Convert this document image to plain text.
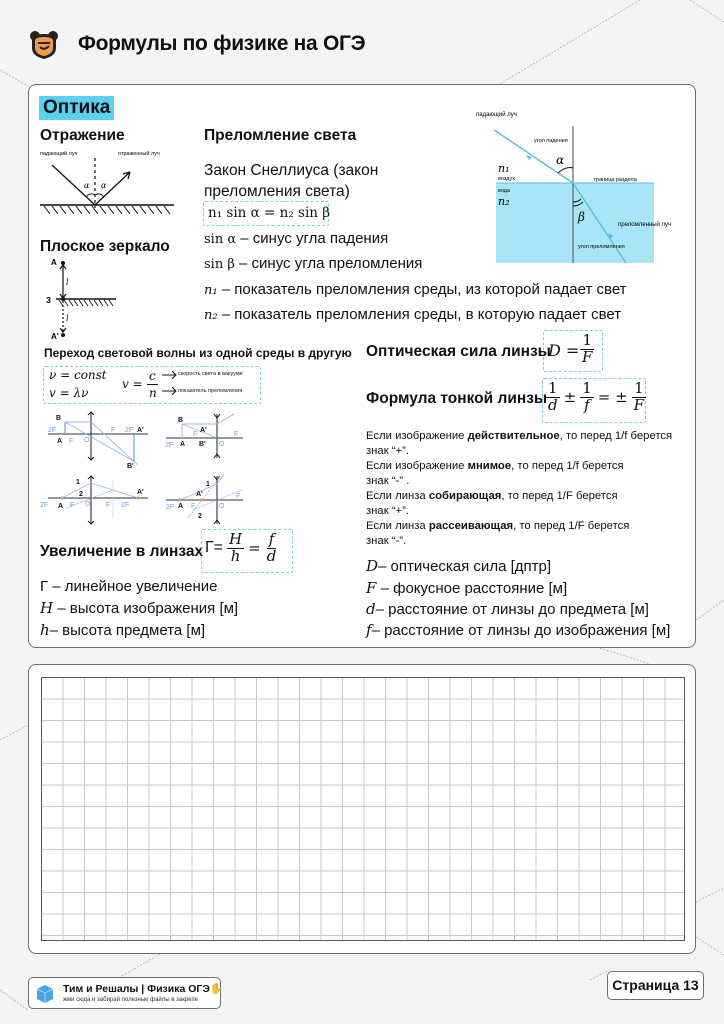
Формулы по физике на ОГЭ
Оптика
Отражение
падающий луч	отраженный луч
α α
Плоское зеркало
A
l
З
l
A'
Преломление света
Закон Снеллиуса (закон преломления света)
n₁ sin α = n₂ sin β
sin α – синус угла падения
sin β – синус угла преломления
n₁ – показатель преломления среды, из которой падает свет
n₂ – показатель преломления среды, в которую падает свет
падающий луч
угол падения
α
n₁
воздух	граница раздела
вода
n₂
β
преломленный луч
угол преломления
Переход световой волны из одной среды в другую
ν = const
v = λν
v =
c
n
скорость света в вакууме
показатель преломления
B
2F
A F O
F 2F A'
B'
B
2F A
F
A'
B' O
F
1
2
2F A F O F 2F
A'
1
A'
2
2F A F	O
F
Оптическая сила линзы
$D = \frac{1}{F}$
Формула тонкой линзы
$\frac{1}{d} \pm \frac{1}{f}$ = ± $\frac{1}{F}$
Если изображение действительное, то перед 1/f берется
знак “+”.
Если изображение мнимое, то перед 1/f берется
знак “-” .
Если линза собирающая, то перед 1/F берется
знак “+”.
Если линза рассеивающая, то перед 1/F берется
знак “-”.
Увеличение в линзах $Г= \frac{H}{h} = \frac{f}{d}$
Г – линейное увеличение
H – высота изображения [м]
h– высота предмета [м]
D– оптическая сила [дптр]
F – фокусное расстояние [м]
d– расстояние от линзы до предмета [м]
f– расстояние от линзы до изображения [м]
Тим и Решалы | Физика ОГЭ✋
жми сюда и забирай полезные файлы в закрепе
Страница 13
